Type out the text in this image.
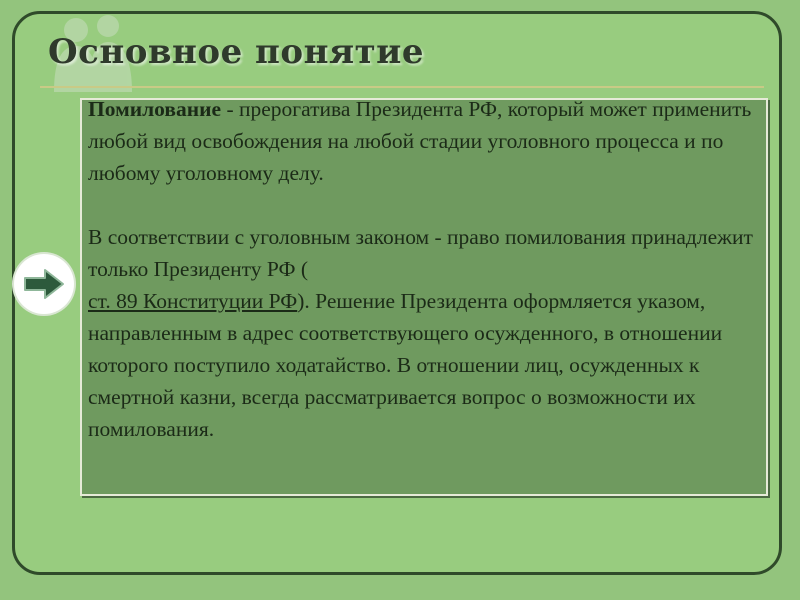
Основное понятие

Помилование - прерогатива Президента РФ, который может применить любой вид освобождения на любой стадии уголовного процесса и по любому уголовному делу.

В соответствии с уголовным законом - право помилования принадлежит только Президенту РФ (
ст. 89 Конституции РФ). Решение Президента оформляется указом, направленным в адрес соответствующего осужденного, в отношении которого поступило ходатайство. В отношении лиц, осужденных к смертной казни, всегда рассматривается вопрос о возможности их помилования.
